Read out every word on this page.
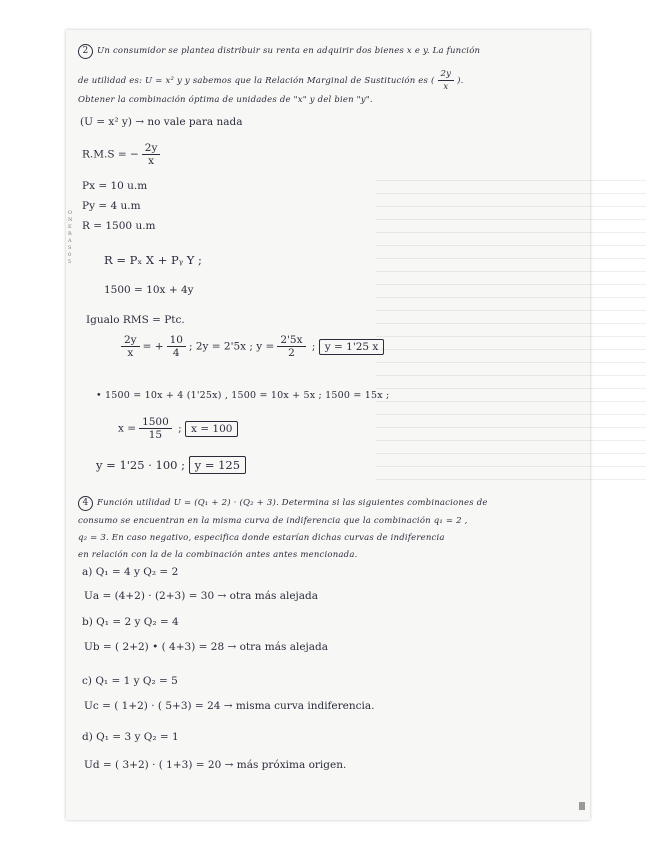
ONERAS05
2 Un consumidor se plantea distribuir su renta en adquirir dos bienes x e y. La función
de utilidad es: U = x² y y sabemos que la Relación Marginal de Sustitución es ( $\frac{2y}{x}$ ).
Obtener la combinación óptima de unidades de "x" y del bien "y".
(U = x² y) → no vale para nada
R.M.S = − $\frac{2y}{x}$
Px = 10 u.m
Py = 4 u.m
R = 1500 u.m
R = Pₓ X + Pᵧ Y ;
1500 = 10x + 4y
Igualo RMS = Ptc.
$\frac{2y}{x}$ = + $\frac{10}{4}$ ; 2y = 2'5x ; $y = \frac{2'5x}{2}$ ; y = 1'25 x
• 1500 = 10x + 4 (1'25x) , 1500 = 10x + 5x ; 1500 = 15x ;
$x = \frac{1500}{15}$ ; x = 100
y = 1'25 · 100 ; y = 125
4 Función utilidad U = (Q₁ + 2) · (Q₂ + 3). Determina si las siguientes combinaciones de
consumo se encuentran en la misma curva de indiferencia que la combinación q₁ = 2 ,
q₂ = 3. En caso negativo, especifica donde estarían dichas curvas de indiferencia
en relación con la de la combinación antes antes mencionada.
a) Q₁ = 4 y Q₂ = 2
Ua = (4+2) · (2+3) = 30 → otra más alejada
b) Q₁ = 2 y Q₂ = 4
Ub = ( 2+2) • ( 4+3) = 28 → otra más alejada
c) Q₁ = 1 y Q₂ = 5
Uc = ( 1+2) · ( 5+3) = 24 → misma curva indiferencia.
d) Q₁ = 3 y Q₂ = 1
Ud = ( 3+2) · ( 1+3) = 20 → más próxima origen.
